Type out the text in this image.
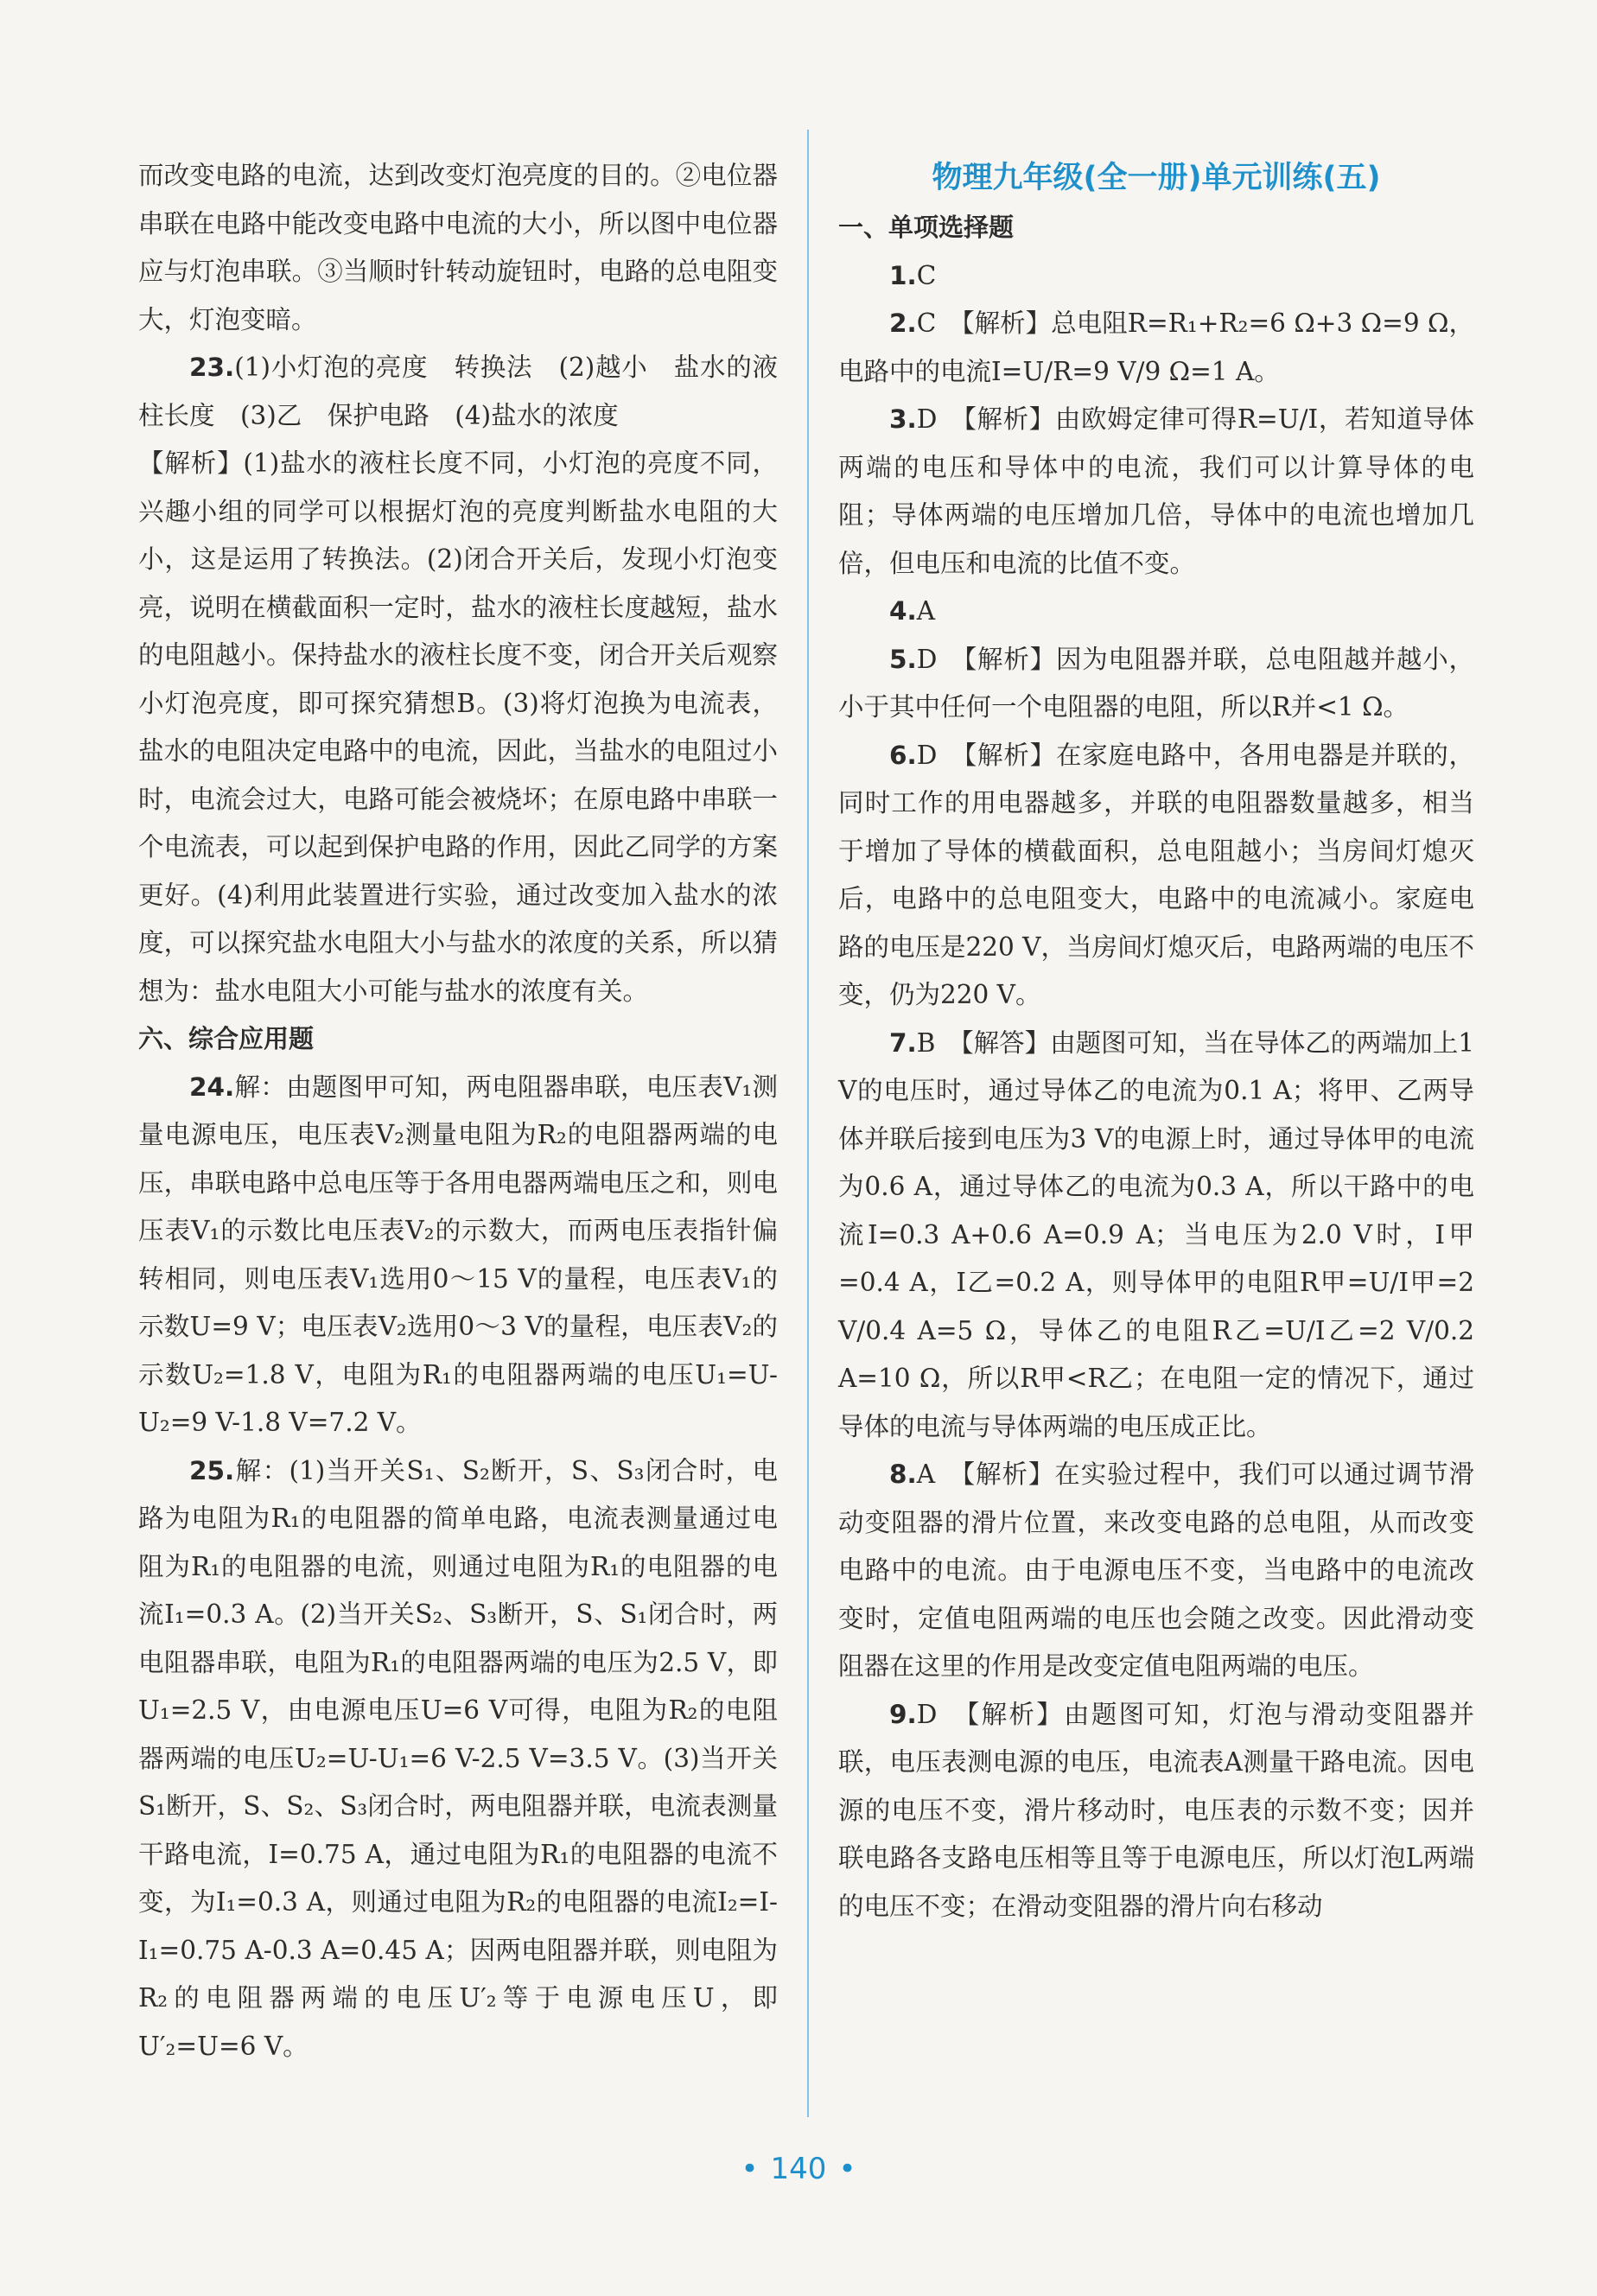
而改变电路的电流，达到改变灯泡亮度的目的。②电位器串联在电路中能改变电路中电流的大小，所以图中电位器应与灯泡串联。③当顺时针转动旋钮时，电路的总电阻变大，灯泡变暗。

23.(1)小灯泡的亮度　转换法　(2)越小　盐水的液柱长度　(3)乙　保护电路　(4)盐水的浓度

【解析】(1)盐水的液柱长度不同，小灯泡的亮度不同，兴趣小组的同学可以根据灯泡的亮度判断盐水电阻的大小，这是运用了转换法。(2)闭合开关后，发现小灯泡变亮，说明在横截面积一定时，盐水的液柱长度越短，盐水的电阻越小。保持盐水的液柱长度不变，闭合开关后观察小灯泡亮度，即可探究猜想B。(3)将灯泡换为电流表，盐水的电阻决定电路中的电流，因此，当盐水的电阻过小时，电流会过大，电路可能会被烧坏；在原电路中串联一个电流表，可以起到保护电路的作用，因此乙同学的方案更好。(4)利用此装置进行实验，通过改变加入盐水的浓度，可以探究盐水电阻大小与盐水的浓度的关系，所以猜想为：盐水电阻大小可能与盐水的浓度有关。

六、综合应用题

24.解：由题图甲可知，两电阻器串联，电压表V₁测量电源电压，电压表V₂测量电阻为R₂的电阻器两端的电压，串联电路中总电压等于各用电器两端电压之和，则电压表V₁的示数比电压表V₂的示数大，而两电压表指针偏转相同，则电压表V₁选用0～15 V的量程，电压表V₁的示数U=9 V；电压表V₂选用0～3 V的量程，电压表V₂的示数U₂=1.8 V，电阻为R₁的电阻器两端的电压U₁=U-U₂=9 V-1.8 V=7.2 V。

25.解：(1)当开关S₁、S₂断开，S、S₃闭合时，电路为电阻为R₁的电阻器的简单电路，电流表测量通过电阻为R₁的电阻器的电流，则通过电阻为R₁的电阻器的电流I₁=0.3 A。(2)当开关S₂、S₃断开，S、S₁闭合时，两电阻器串联，电阻为R₁的电阻器两端的电压为2.5 V，即U₁=2.5 V，由电源电压U=6 V可得，电阻为R₂的电阻器两端的电压U₂=U-U₁=6 V-2.5 V=3.5 V。(3)当开关S₁断开，S、S₂、S₃闭合时，两电阻器并联，电流表测量干路电流，I=0.75 A，通过电阻为R₁的电阻器的电流不变，为I₁=0.3 A，则通过电阻为R₂的电阻器的电流I₂=I-I₁=0.75 A-0.3 A=0.45 A；因两电阻器并联，则电阻为R₂的电阻器两端的电压U′₂等于电源电压U，即U′₂=U=6 V。

物理九年级(全一册)单元训练(五)
一、单项选择题

1.C

2.C　【解析】总电阻R=R₁+R₂=6 Ω+3 Ω=9 Ω，电路中的电流I=U/R=9 V/9 Ω=1 A。

3.D　【解析】由欧姆定律可得R=U/I，若知道导体两端的电压和导体中的电流，我们可以计算导体的电阻；导体两端的电压增加几倍，导体中的电流也增加几倍，但电压和电流的比值不变。

4.A

5.D　【解析】因为电阻器并联，总电阻越并越小，小于其中任何一个电阻器的电阻，所以R并<1 Ω。

6.D　【解析】在家庭电路中，各用电器是并联的，同时工作的用电器越多，并联的电阻器数量越多，相当于增加了导体的横截面积，总电阻越小；当房间灯熄灭后，电路中的总电阻变大，电路中的电流减小。家庭电路的电压是220 V，当房间灯熄灭后，电路两端的电压不变，仍为220 V。

7.B　【解答】由题图可知，当在导体乙的两端加上1 V的电压时，通过导体乙的电流为0.1 A；将甲、乙两导体并联后接到电压为3 V的电源上时，通过导体甲的电流为0.6 A，通过导体乙的电流为0.3 A，所以干路中的电流I=0.3 A+0.6 A=0.9 A；当电压为2.0 V时，I甲=0.4 A，I乙=0.2 A，则导体甲的电阻R甲=U/I甲=2 V/0.4 A=5 Ω，导体乙的电阻R乙=U/I乙=2 V/0.2 A=10 Ω，所以R甲<R乙；在电阻一定的情况下，通过导体的电流与导体两端的电压成正比。

8.A　【解析】在实验过程中，我们可以通过调节滑动变阻器的滑片位置，来改变电路的总电阻，从而改变电路中的电流。由于电源电压不变，当电路中的电流改变时，定值电阻两端的电压也会随之改变。因此滑动变阻器在这里的作用是改变定值电阻两端的电压。

9.D　【解析】由题图可知，灯泡与滑动变阻器并联，电压表测电源的电压，电流表A测量干路电流。因电源的电压不变，滑片移动时，电压表的示数不变；因并联电路各支路电压相等且等于电源电压，所以灯泡L两端的电压不变；在滑动变阻器的滑片向右移动

• 140 •
